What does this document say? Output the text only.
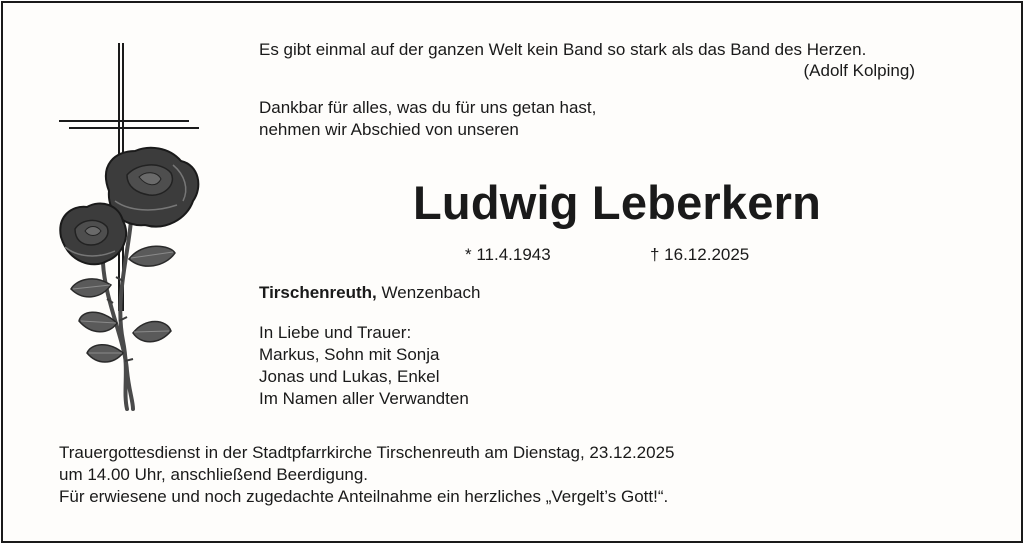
Es gibt einmal auf der ganzen Welt kein Band so stark als das Band des Herzen.
(Adolf Kolping)
Dankbar für alles, was du für uns getan hast,
nehmen wir Abschied von unseren
Ludwig Leberkern
* 11.4.1943	† 16.12.2025
Tirschenreuth, Wenzenbach
In Liebe und Trauer:
Markus, Sohn mit Sonja
Jonas und Lukas, Enkel
Im Namen aller Verwandten
Trauergottesdienst in der Stadtpfarrkirche Tirschenreuth am Dienstag, 23.12.2025
um 14.00 Uhr, anschließend Beerdigung.
Für erwiesene und noch zugedachte Anteilnahme ein herzliches „Vergelt’s Gott!“.
